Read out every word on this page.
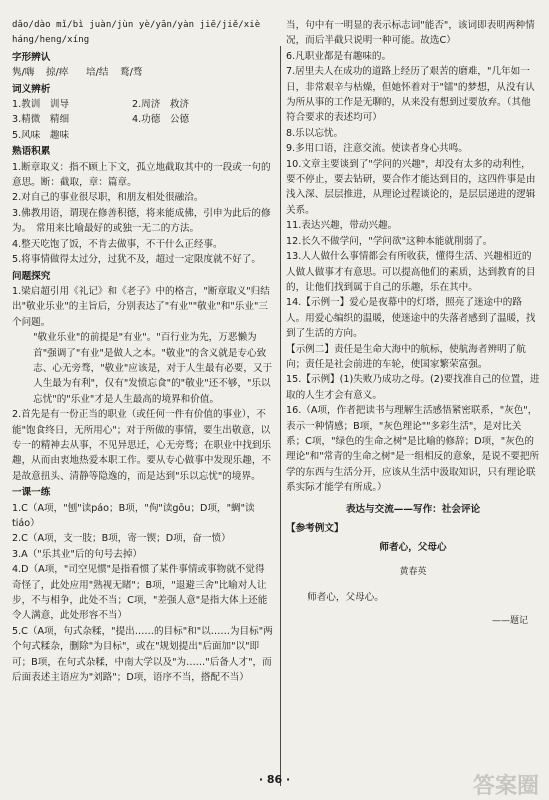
dǎo/dào mǐ/bì juàn/jùn yè/yān/yàn jiē/jiě/xiè

háng/heng/xíng

字形辨认

隽/嗨	掠/瘁	培/结	鹜/骛

词义辨析

1.教训　训导	2.周济　救济
3.精微　精细	4.功德　公德
5.风味　趣味

熟语积累

1.断章取义：指不顾上下文，孤立地截取其中的一段或一句的意思。断：截取，章：篇章。

2.对自己的事业很尽职，和朋友相处很融洽。

3.佛教用语，谓现在修善积德，将来能成佛，引申为此后的修为。　常用来比喻最好的或独一无二的方法。

4.整天吃饱了饭，不肯去做事，不干什么正经事。

5.将事情做得太过分，过犹不及，超过一定限度就不好了。

问题探究

1.梁启超引用《礼记》和《老子》中的格言，"断章取义"归结出"敬业乐业"的主旨后，分别表达了"有业""敬业"和"乐业"三个问题。

"敬业乐业"的前提是"有业"。"百行业为先，万恶懒为首"强调了"有业"是做人之本。"敬业"的含义就是专心致志、心无旁骛，"敬业"应该是，对于人生最有必要，又于人生最为有利"，仅有"发愤忘食"的"敬业"还不够，"乐以忘忧"的"乐业"才是人生最高的境界和价值。

2.首先是有一份正当的职业（或任何一件有价值的事业），不能"饱食终日，无所用心"；对于所做的事情，要生出敬意，以专一的精神去从事，不见异思迁，心无旁骛；在职业中找到乐趣，从而由衷地热爱本职工作。要从专心做事中发现乐趣，不是故意扭头、清静等隐逸的，而是达到"乐以忘忧"的境界。

一课一练

1.C（A项，"刨"读páo；B项，"佝"读gōu；D项，"蜩"读tiáo）

2.C（A项，支一肢；B项，寄一锲；D项，奋一愤）

3.A（"乐其业"后的句号去掉）

4.D（A项，"司空见惯"是指看惯了某件事情或事物就不觉得奇怪了，此处应用"熟视无睹"；B项，"退避三舍"比喻对人让步，不与相争，此处不当；C项，"差强人意"是指大体上还能令人满意，此处形容不当）

5.C（A项，句式杂糅，"提出……的目标"和"以……为目标"两个句式糅杂，删除"为目标"，或在"规划提出"后面加"以"即可；B项，在句式杂糅，中南大学以及"为……"后备人才"，而后面表述主语应为"刘路"；D项，语序不当，搭配不当）

当，句中有一明显的表示标志词"能否"，该词即表明两种情况，而后半截只说明一种可能。故选C）

6.凡职业都是有趣味的。

7.居里夫人在成功的道路上经历了艰苦的磨难，"几年如一日，非常艰辛与枯燥，但她怀着对于"镭"的梦想，从没有认为所从事的工作是无聊的，从来没有想到过要放弃。（其他符合要求的表述均可）

8.乐以忘忧。

9.多用口语，注意交流。使读者身心共鸣。

10.文章主要谈到了"学问的兴趣"，却没有太多的动利性，要不停止，要去钻研，要合作才能达到目的，这四件事是由浅入深、层层推进，从理论过程谈论的，是层层递进的逻辑关系。

11.表达兴趣，带动兴趣。

12.长久不做学问，"学问欲"这种本能就削弱了。

13.人人做什么事情都会有所收获，懂得生活、兴趣相近的人做人做事才有意思。可以提高他们的素质，达到教育的目的，让他们找到属于自己的乐趣，乐在其中。

14.【示例一】爱心是夜幕中的灯塔，照亮了迷途中的路人。用爱心编织的温暖，使迷途中的失落者感到了温暖，找到了生活的方向。

【示例二】责任是生命大海中的航标，使航海者辨明了航向；责任是社会前进的车轮，使国家繁荣富强。

15.【示例】(1)失败乃成功之母。(2)要找准自己的位置，进取的人生才会有意义。

16.（A项，作者把读书与理解生活感悟紧密联系，"灰色"，表示一种情感；B项，"灰色理论""多彩生活"，是对比关系；C项，"绿色的生命之树"是比喻的修辞；D项，"灰色的理论"和"常青的生命之树"是一组相反的意象，是说不要把所学的东西与生活分开，应该从生活中汲取知识，只有理论联系实际才能学有所成。）

表达与交流——写作：社会评论

【参考例文】

师者心，父母心

黄春英

师者心，父母心。

——题记

· 86 ·	答案圈
